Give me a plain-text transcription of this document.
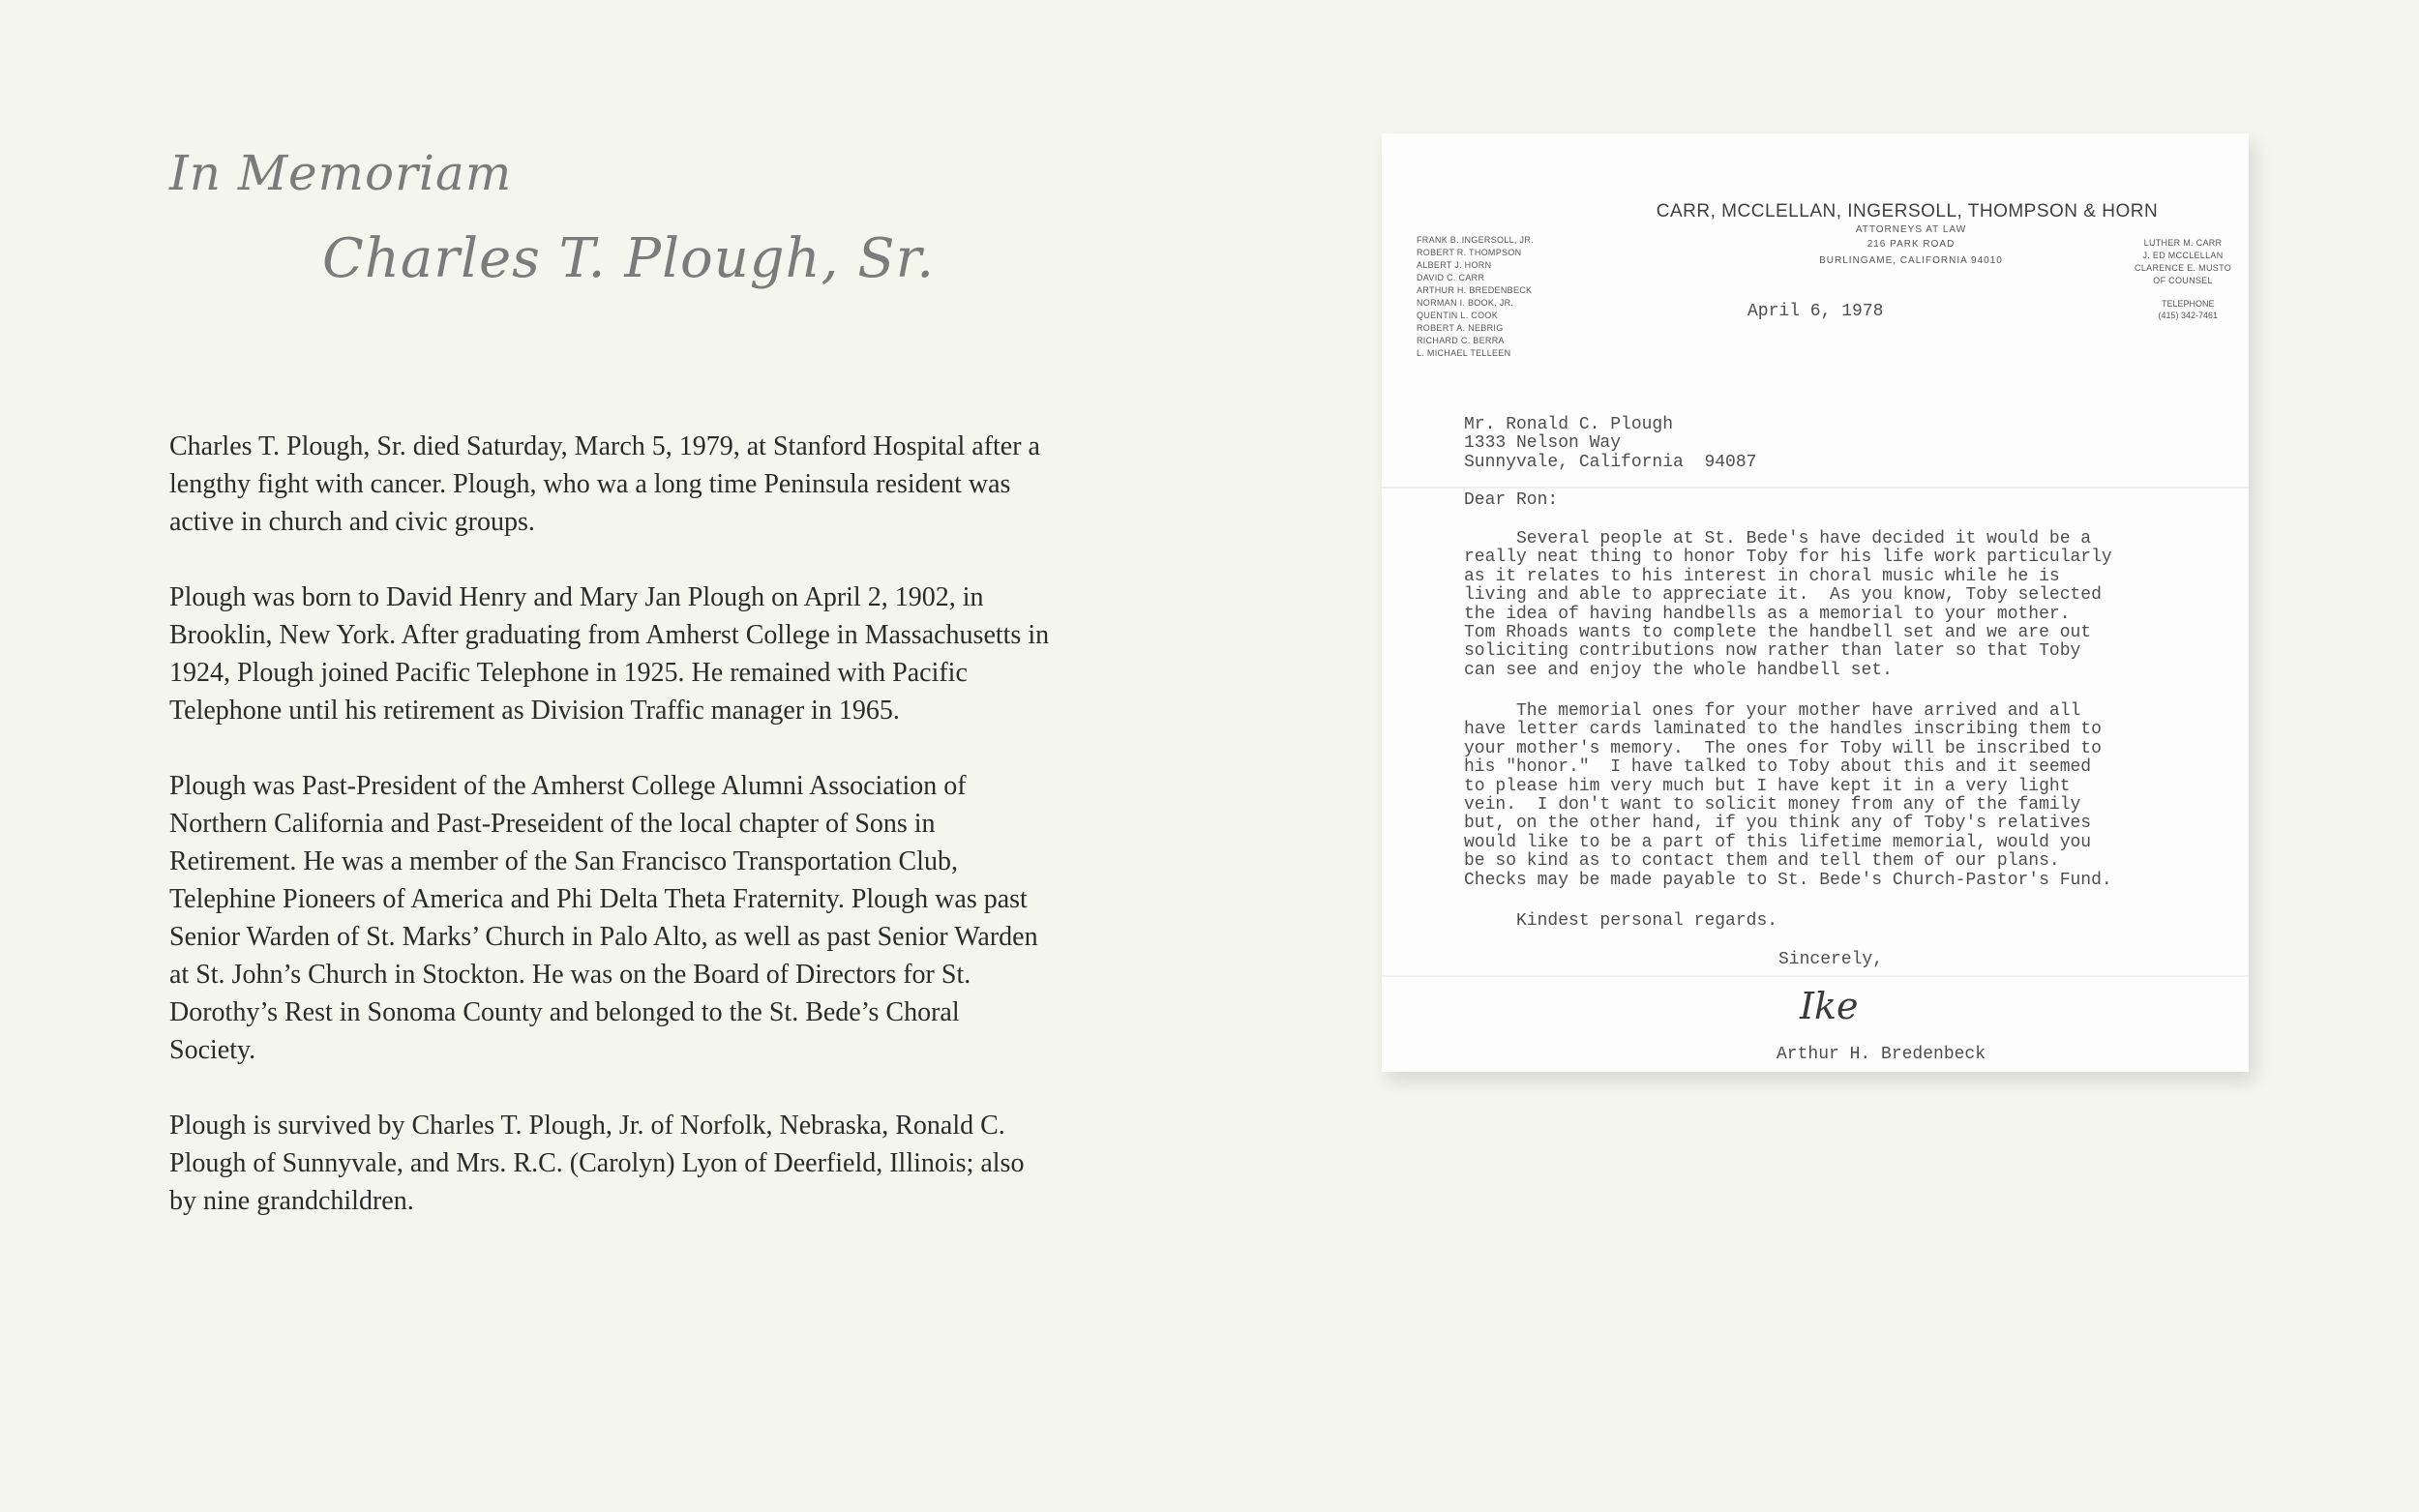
In Memoriam
Charles T. Plough, Sr.

Charles T. Plough, Sr. died Saturday, March 5, 1979, at Stanford Hospital after a lengthy fight with cancer. Plough, who wa a long time Peninsula resident was active in church and civic groups.

Plough was born to David Henry and Mary Jan Plough on April 2, 1902, in Brooklin, New York. After graduating from Amherst College in Massachusetts in 1924, Plough joined Pacific Telephone in 1925. He remained with Pacific Telephone until his retirement as Division Traffic manager in 1965.

Plough was Past-President of the Amherst College Alumni Association of Northern California and Past-Preseident of the local chapter of Sons in Retirement. He was a member of the San Francisco Transportation Club, Telephine Pioneers of America and Phi Delta Theta Fraternity. Plough was past Senior Warden of St. Marks’ Church in Palo Alto, as well as past Senior Warden at St. John’s Church in Stockton. He was on the Board of Directors for St. Dorothy’s Rest in Sonoma County and belonged to the St. Bede’s Choral Society.

Plough is survived by Charles T. Plough, Jr. of Norfolk, Nebraska, Ronald C. Plough of Sunnyvale, and Mrs. R.C. (Carolyn) Lyon of Deerfield, Illinois; also by nine grandchildren.

CARR, MCCLELLAN, INGERSOLL, THOMPSON & HORN
ATTORNEYS AT LAW
216 PARK ROAD
BURLINGAME, CALIFORNIA 94010
FRANK B. INGERSOLL, JR.
ROBERT R. THOMPSON
ALBERT J. HORN
DAVID C. CARR
ARTHUR H. BREDENBECK
NORMAN I. BOOK, JR.
QUENTIN L. COOK
ROBERT A. NEBRIG
RICHARD C. BERRA
L. MICHAEL TELLEEN
LUTHER M. CARR
J. ED MCCLELLAN
CLARENCE E. MUSTO
OF COUNSEL
TELEPHONE
(415) 342-7461
April 6, 1978
Mr. Ronald C. Plough
1333 Nelson Way
Sunnyvale, California  94087
Dear Ron:
Several people at St. Bede's have decided it would be a
really neat thing to honor Toby for his life work particularly
as it relates to his interest in choral music while he is
living and able to appreciate it.  As you know, Toby selected
the idea of having handbells as a memorial to your mother.
Tom Rhoads wants to complete the handbell set and we are out
soliciting contributions now rather than later so that Toby
can see and enjoy the whole handbell set.
The memorial ones for your mother have arrived and all
have letter cards laminated to the handles inscribing them to
your mother's memory.  The ones for Toby will be inscribed to
his "honor."  I have talked to Toby about this and it seemed
to please him very much but I have kept it in a very light
vein.  I don't want to solicit money from any of the family
but, on the other hand, if you think any of Toby's relatives
would like to be a part of this lifetime memorial, would you
be so kind as to contact them and tell them of our plans.
Checks may be made payable to St. Bede's Church-Pastor's Fund.
Kindest personal regards.
Sincerely,
Ike
Arthur H. Bredenbeck
